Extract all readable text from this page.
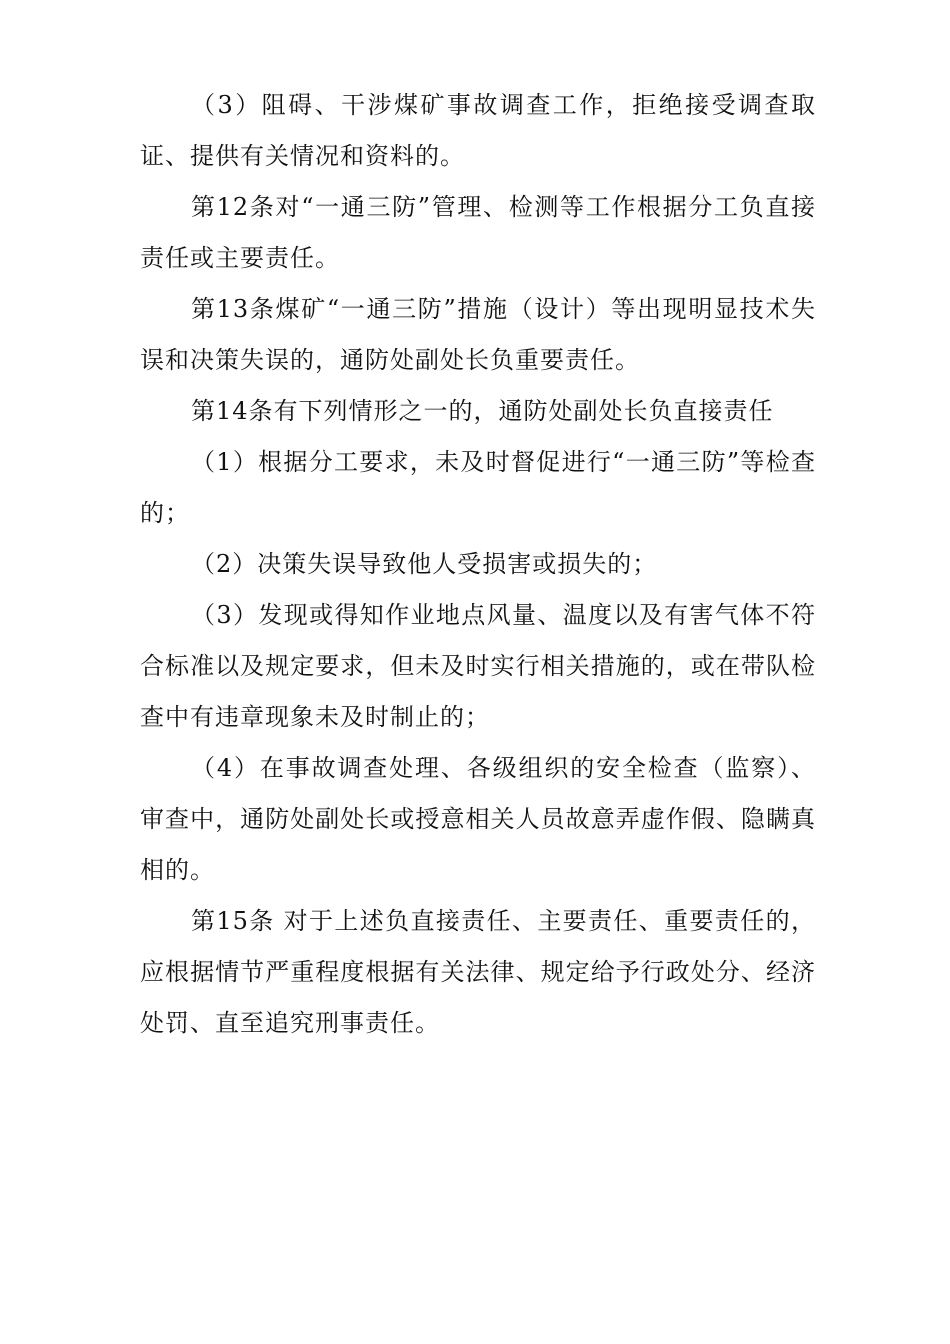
（3）阻碍、干涉煤矿事故调查工作，拒绝接受调查取证、提供有关情况和资料的。

第12条对“一通三防”管理、检测等工作根据分工负直接责任或主要责任。

第13条煤矿“一通三防”措施（设计）等出现明显技术失误和决策失误的，通防处副处长负重要责任。

第14条有下列情形之一的，通防处副处长负直接责任

（1）根据分工要求，未及时督促进行“一通三防”等检查的；

（2）决策失误导致他人受损害或损失的；

（3）发现或得知作业地点风量、温度以及有害气体不符合标准以及规定要求，但未及时实行相关措施的，或在带队检查中有违章现象未及时制止的；

（4）在事故调查处理、各级组织的安全检查（监察）、审查中，通防处副处长或授意相关人员故意弄虚作假、隐瞒真相的。

第15条 对于上述负直接责任、主要责任、重要责任的，应根据情节严重程度根据有关法律、规定给予行政处分、经济处罚、直至追究刑事责任。
